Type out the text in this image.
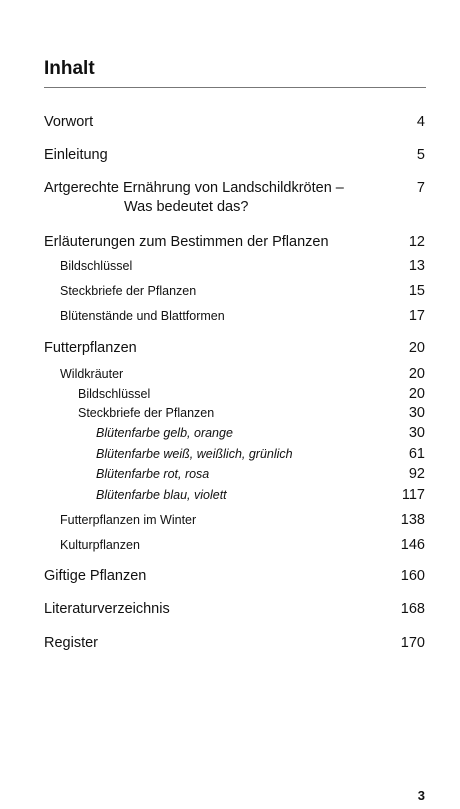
Inhalt
Vorwort	4
Einleitung	5
Artgerechte Ernährung von Landschildkröten –	7
Was bedeutet das?
Erläuterungen zum Bestimmen der Pflanzen	12
Bildschlüssel	13
Steckbriefe der Pflanzen	15
Blütenstände und Blattformen	17
Futterpflanzen	20
Wildkräuter	20
Bildschlüssel	20
Steckbriefe der Pflanzen	30
Blütenfarbe gelb, orange	30
Blütenfarbe weiß, weißlich, grünlich	61
Blütenfarbe rot, rosa	92
Blütenfarbe blau, violett	117
Futterpflanzen im Winter	138
Kulturpflanzen	146
Giftige Pflanzen	160
Literaturverzeichnis	168
Register	170
3
